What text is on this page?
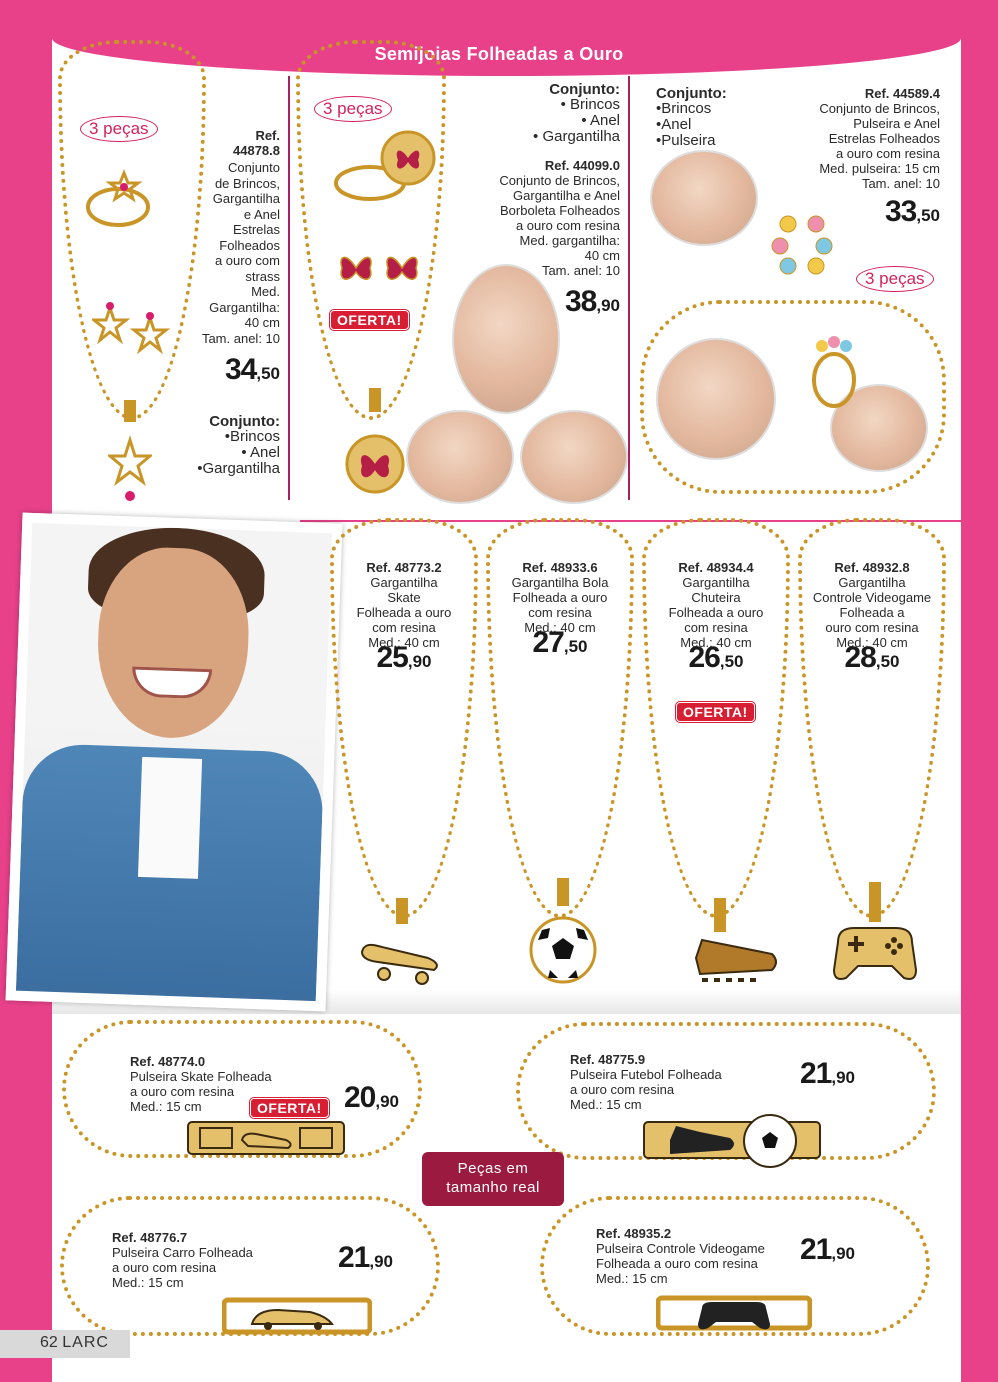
Semijoias Folheadas a Ouro
3 peças	Ref.
44878.8
Conjunto
de Brincos,
Gargantilha
e Anel
Estrelas
Folheados
a ouro com
strass
Med.
Gargantilha:
40 cm
Tam. anel: 10
34,50
Conjunto:
•Brincos
• Anel
•Gargantilha
3 peças
OFERTA!
Conjunto:
• Brincos
• Anel
• Gargantilha
Ref. 44099.0
Conjunto de Brincos,
Gargantilha e Anel
Borboleta Folheados
a ouro com resina
Med. gargantilha:
40 cm
Tam. anel: 10
38,90
Conjunto:
•Brincos
•Anel
•Pulseira
Ref. 44589.4
Conjunto de Brincos,
Pulseira e Anel
Estrelas Folheados
a ouro com resina
Med. pulseira: 15 cm
Tam. anel: 10
33,50
3 peças
Ref. 48773.2
Gargantilha
Skate
Folheada a ouro
com resina
Med.: 40 cm
25,90
Ref. 48933.6
Gargantilha Bola
Folheada a ouro
com resina
Med.: 40 cm
27,50
Ref. 48934.4
Gargantilha
Chuteira
Folheada a ouro
com resina
Med.: 40 cm
26,50
OFERTA!
Ref. 48932.8
Gargantilha
Controle Videogame
Folheada a
ouro com resina
Med.: 40 cm
28,50
Ref. 48774.0
Pulseira Skate Folheada
a ouro com resina
Med.: 15 cm	OFERTA! 20,90
Ref. 48775.9
Pulseira Futebol Folheada
a ouro com resina
Med.: 15 cm
21,90
Peças em
tamanho real
Ref. 48776.7
Pulseira Carro Folheada
a ouro com resina
Med.: 15 cm
21,90
Ref. 48935.2
Pulseira Controle Videogame
Folheada a ouro com resina
Med.: 15 cm
21,90
62 LARC
